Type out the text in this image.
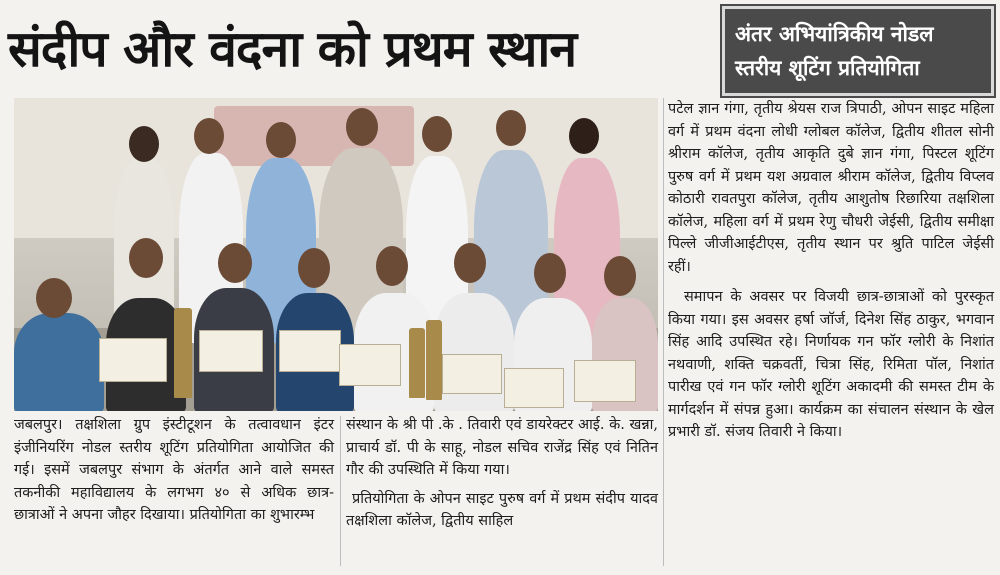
संदीप और वंदना को प्रथम स्थान	अंतर अभियांत्रिकीय नोडल
स्तरीय शूटिंग प्रतियोगिता

जबलपुर। तक्षशिला ग्रुप इंस्टीटूशन के तत्वावधान इंटर इंजीनियरिंग नोडल स्तरीय शूटिंग प्रतियोगिता आयोजित की गई। इसमें जबलपुर संभाग के अंतर्गत आने वाले समस्त तकनीकी महाविद्यालय के लगभग ४० से अधिक छात्र- छात्राओं ने अपना जौहर दिखाया। प्रतियोगिता का शुभारम्भ

संस्थान के श्री पी .के . तिवारी एवं डायरेक्टर आई. के. खन्ना, प्राचार्य डॉ. पी के साहू, नोडल सचिव राजेंद्र सिंह एवं नितिन गौर की उपस्थिति में किया गया।

प्रतियोगिता के ओपन साइट पुरुष वर्ग में प्रथम संदीप यादव तक्षशिला कॉलेज, द्वितीय साहिल

पटेल ज्ञान गंगा, तृतीय श्रेयस राज त्रिपाठी, ओपन साइट महिला वर्ग में प्रथम वंदना लोधी ग्लोबल कॉलेज, द्वितीय शीतल सोनी श्रीराम कॉलेज, तृतीय आकृति दुबे ज्ञान गंगा, पिस्टल शूटिंग पुरुष वर्ग में प्रथम यश अग्रवाल श्रीराम कॉलेज, द्वितीय विप्लव कोठारी रावतपुरा कॉलेज, तृतीय आशुतोष रिछारिया तक्षशिला कॉलेज, महिला वर्ग में प्रथम रेणु चौधरी जेईसी, द्वितीय समीक्षा पिल्ले जीजीआईटीएस, तृतीय स्थान पर श्रुति पाटिल जेईसी रहीं।
समापन के अवसर पर विजयी छात्र-छात्राओं को पुरस्कृत किया गया। इस अवसर हर्षा जॉर्ज, दिनेश सिंह ठाकुर, भगवान सिंह आदि उपस्थित रहे। निर्णायक गन फॉर ग्लोरी के निशांत नथवाणी, शक्ति चक्रवर्ती, चित्रा सिंह, रिमिता पॉल, निशांत पारीख एवं गन फॉर ग्लोरी शूटिंग अकादमी की समस्त टीम के मार्गदर्शन में संपन्न हुआ। कार्यक्रम का संचालन संस्थान के खेल प्रभारी डॉ. संजय तिवारी ने किया।
